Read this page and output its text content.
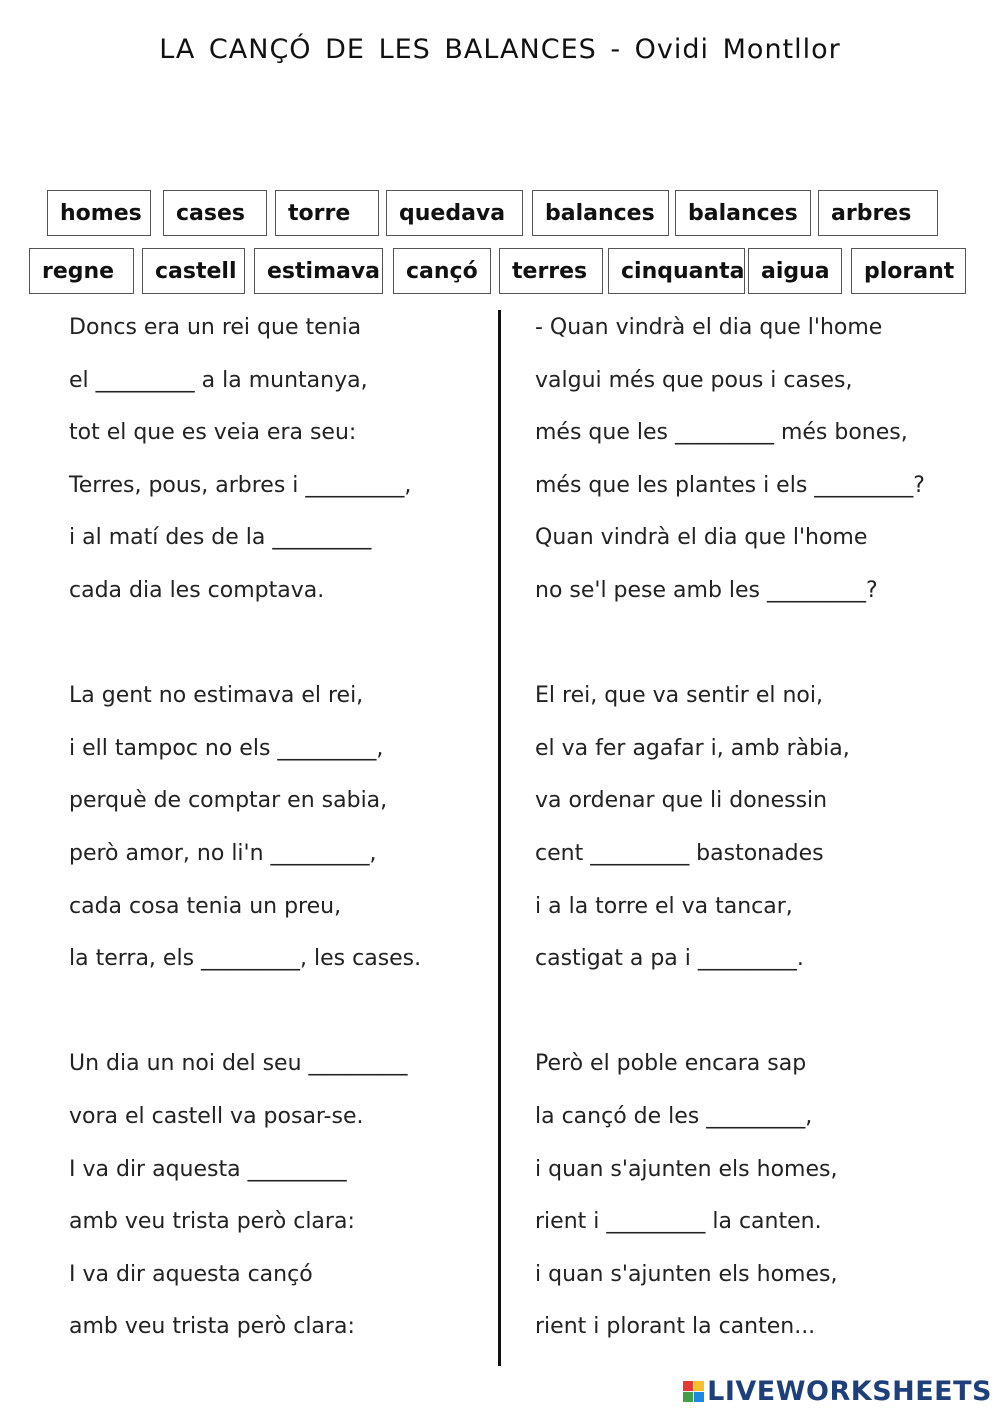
LA CANÇÓ DE LES BALANCES - Ovidi Montllor
homes	cases	torre	quedava	balances	balances	arbres
regne	castell	estimava	cançó	terres	cinquanta aigua	plorant
Doncs era un rei que tenia
el _________ a la muntanya,
tot el que es veia era seu:
Terres, pous, arbres i _________,
i al matí des de la _________
cada dia les comptava.
La gent no estimava el rei,
i ell tampoc no els _________,
perquè de comptar en sabia,
però amor, no li'n _________,
cada cosa tenia un preu,
la terra, els _________, les cases.
Un dia un noi del seu _________
vora el castell va posar-se.
I va dir aquesta _________
amb veu trista però clara:
I va dir aquesta cançó
amb veu trista però clara:
- Quan vindrà el dia que l'home
valgui més que pous i cases,
més que les _________ més bones,
més que les plantes i els _________?
Quan vindrà el dia que l'home
no se'l pese amb les _________?
El rei, que va sentir el noi,
el va fer agafar i, amb ràbia,
va ordenar que li donessin
cent _________ bastonades
i a la torre el va tancar,
castigat a pa i _________.
Però el poble encara sap
la cançó de les _________,
i quan s'ajunten els homes,
rient i _________ la canten.
i quan s'ajunten els homes,
rient i plorant la canten...
LIVEWORKSHEETS
